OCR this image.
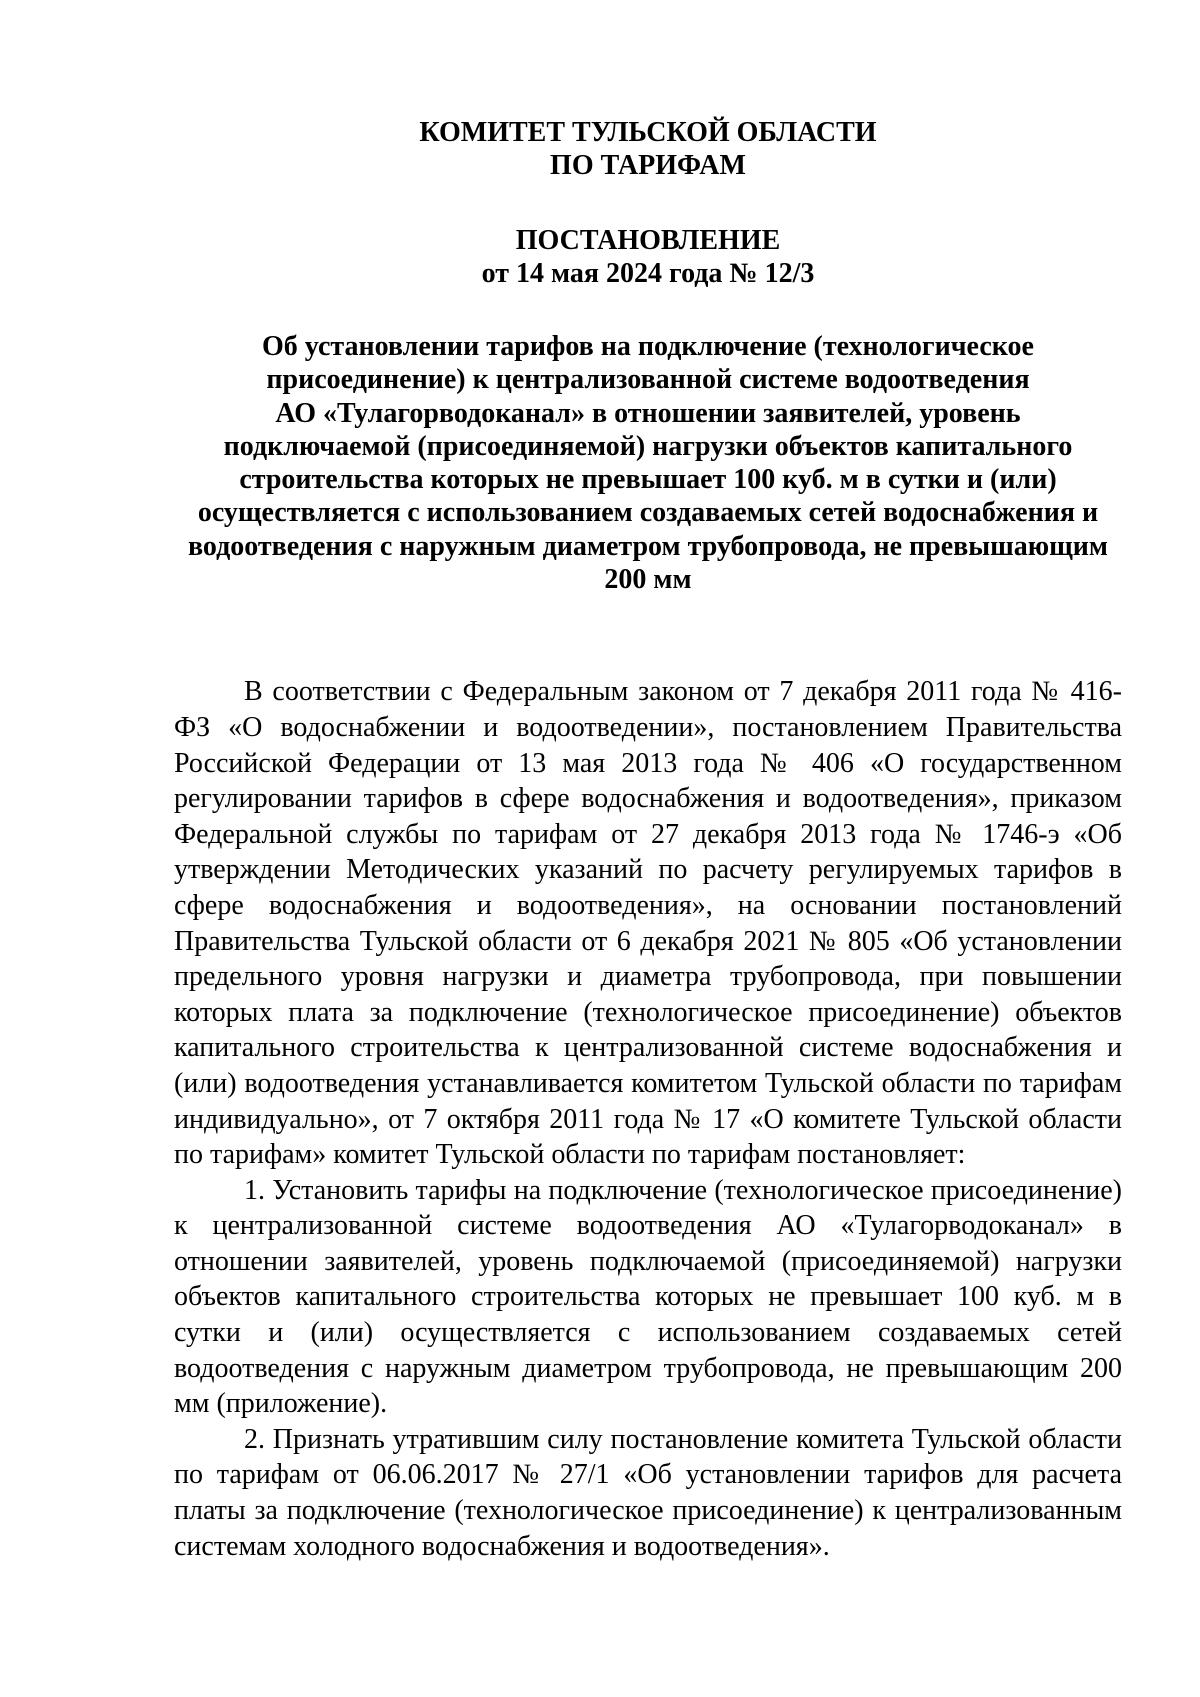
КОМИТЕТ ТУЛЬСКОЙ ОБЛАСТИ
ПО ТАРИФАМ
ПОСТАНОВЛЕНИЕ
от 14 мая 2024 года № 12/3
Об установлении тарифов на подключение (технологическое
присоединение) к централизованной системе водоотведения
АО «Тулагорводоканал» в отношении заявителей, уровень
подключаемой (присоединяемой) нагрузки объектов капитального
строительства которых не превышает 100 куб. м в сутки и (или)
осуществляется с использованием создаваемых сетей водоснабжения и
водоотведения с наружным диаметром трубопровода, не превышающим
200 мм

В соответствии с Федеральным законом от 7 декабря 2011 года № 416-ФЗ «О водоснабжении и водоотведении», постановлением Правительства Российской Федерации от 13 мая 2013 года № 406 «О государственном регулировании тарифов в сфере водоснабжения и водоотведения», приказом Федеральной службы по тарифам от 27 декабря 2013 года № 1746-э «Об утверждении Методических указаний по расчету регулируемых тарифов в сфере водоснабжения и водоотведения», на основании постановлений Правительства Тульской области от 6 декабря 2021 № 805 «Об установлении предельного уровня нагрузки и диаметра трубопровода, при повышении которых плата за подключение (технологическое присоединение) объектов капитального строительства к централизованной системе водоснабжения и (или) водоотведения устанавливается комитетом Тульской области по тарифам индивидуально», от 7 октября 2011 года № 17 «О комитете Тульской области по тарифам» комитет Тульской области по тарифам постановляет:

1. Установить тарифы на подключение (технологическое присоединение) к централизованной системе водоотведения АО «Тулагорводоканал» в отношении заявителей, уровень подключаемой (присоединяемой) нагрузки объектов капитального строительства которых не превышает 100 куб. м в сутки и (или) осуществляется с использованием создаваемых сетей водоотведения с наружным диаметром трубопровода, не превышающим 200 мм (приложение).

2. Признать утратившим силу постановление комитета Тульской области по тарифам от 06.06.2017 № 27/1 «Об установлении тарифов для расчета платы за подключение (технологическое присоединение) к централизованным системам холодного водоснабжения и водоотведения».
